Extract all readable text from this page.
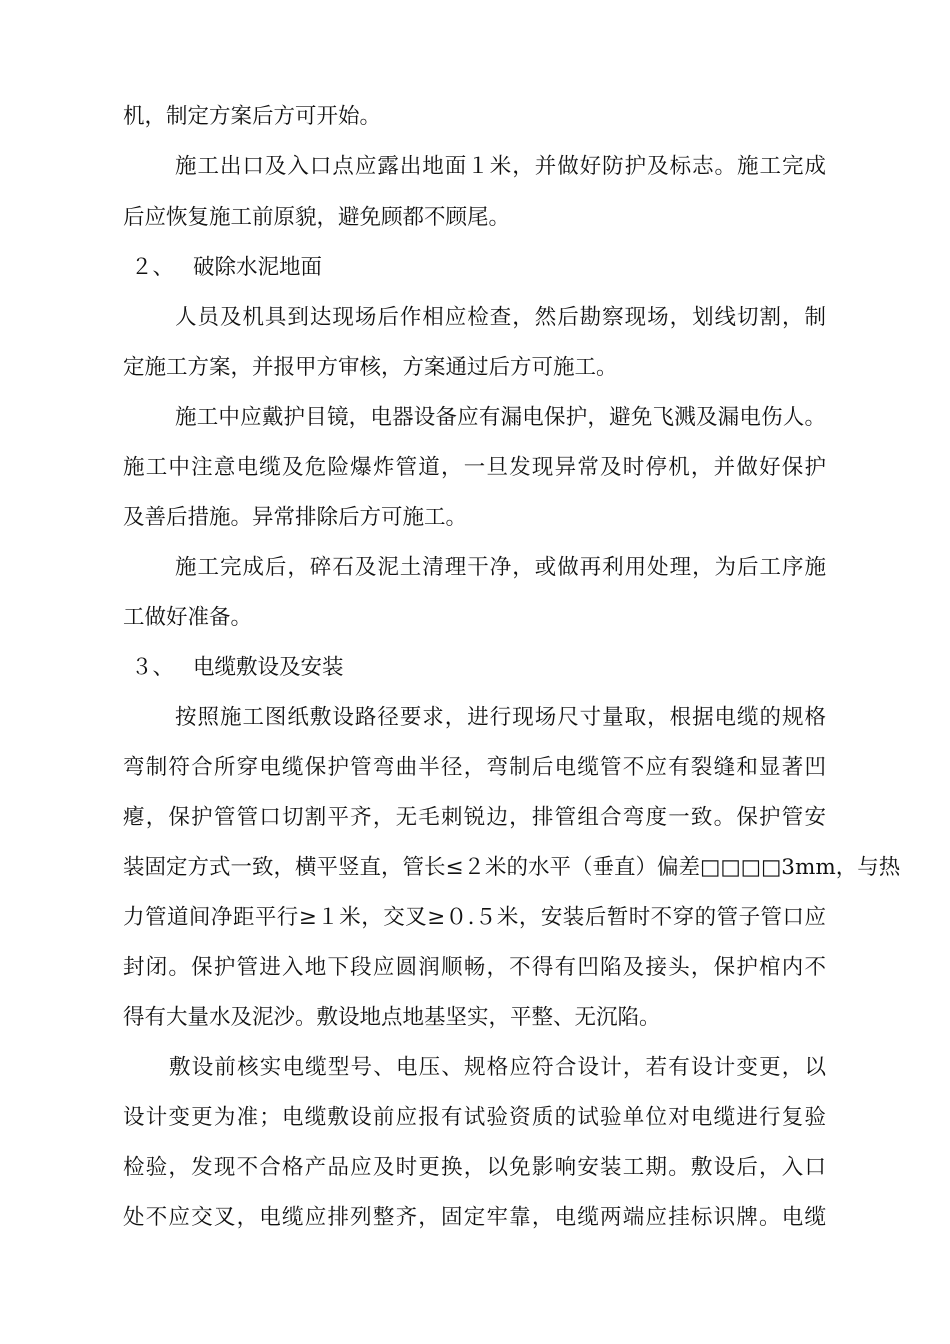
机，制定方案后方可开始。
施工出口及入口点应露出地面１米，并做好防护及标志。施工完成
后应恢复施工前原貌，避免顾都不顾尾。
２、 破除水泥地面
人员及机具到达现场后作相应检查，然后勘察现场，划线切割，制
定施工方案，并报甲方审核，方案通过后方可施工。
施工中应戴护目镜，电器设备应有漏电保护，避免飞溅及漏电伤人。
施工中注意电缆及危险爆炸管道，一旦发现异常及时停机，并做好保护
及善后措施。异常排除后方可施工。
施工完成后，碎石及泥土清理干净，或做再利用处理，为后工序施
工做好准备。
３、 电缆敷设及安装
按照施工图纸敷设路径要求，进行现场尺寸量取，根据电缆的规格
弯制符合所穿电缆保护管弯曲半径，弯制后电缆管不应有裂缝和显著凹
瘪，保护管管口切割平齐，无毛刺锐边，排管组合弯度一致。保护管安
装固定方式一致，横平竖直，管长≤２米的水平（垂直）偏差□□□□3mm，与热
力管道间净距平行≥１米，交叉≥０.５米，安装后暂时不穿的管子管口应
封闭。保护管进入地下段应圆润顺畅，不得有凹陷及接头，保护棺内不
得有大量水及泥沙。敷设地点地基坚实，平整、无沉陷。
敷设前核实电缆型号、电压、规格应符合设计，若有设计变更，以
设计变更为准；电缆敷设前应报有试验资质的试验单位对电缆进行复验
检验，发现不合格产品应及时更换，以免影响安装工期。敷设后，入口
处不应交叉，电缆应排列整齐，固定牢靠，电缆两端应挂标识牌。电缆
